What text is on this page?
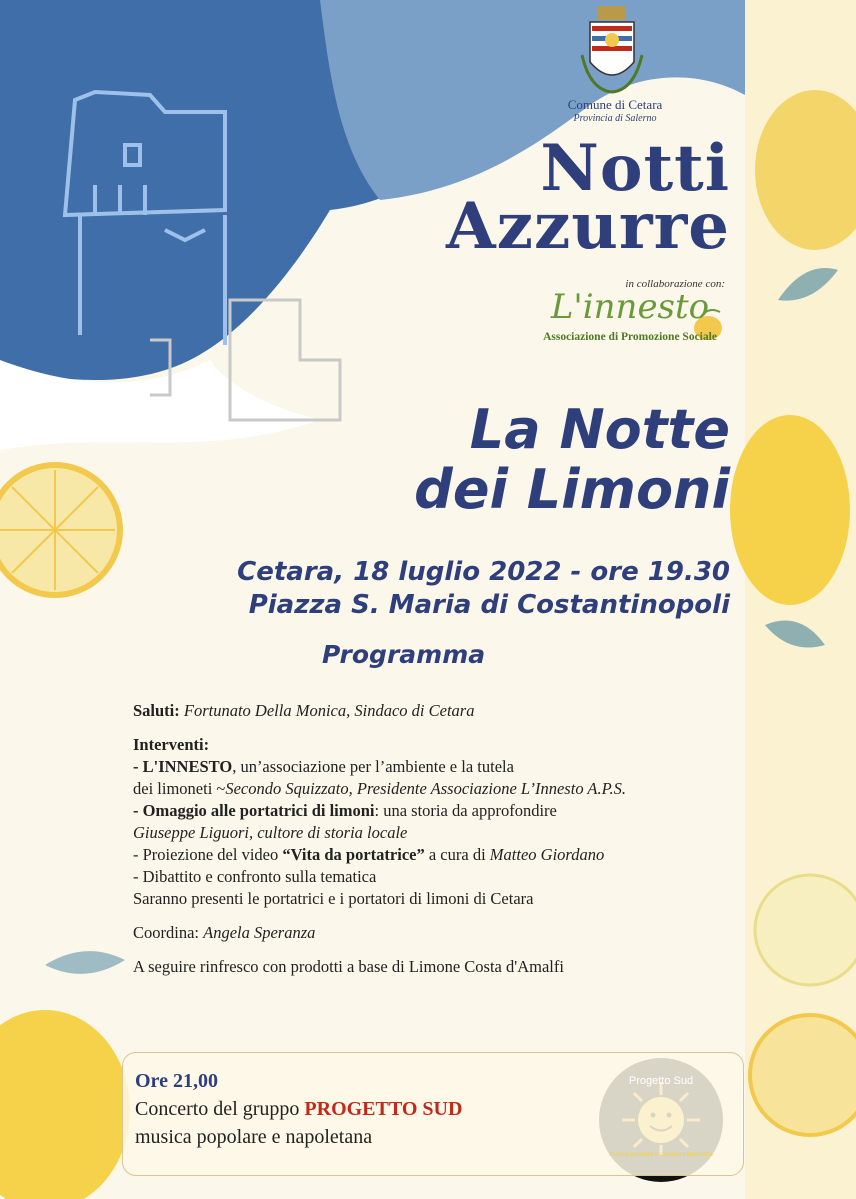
Comune di Cetara
Provincia di Salerno
Notti
Azzurre
in collaborazione con:
L'innesto
Associazione di Promozione Sociale
La Notte
dei Limoni
Cetara, 18 luglio 2022 - ore 19.30
Piazza S. Maria di Costantinopoli
Programma

Saluti: Fortunato Della Monica, Sindaco di Cetara

Interventi:

- L'INNESTO, un’associazione per l’ambiente e la tutela

dei limoneti ~Secondo Squizzato, Presidente Associazione L’Innesto A.P.S.

- Omaggio alle portatrici di limoni: una storia da approfondire

Giuseppe Liguori, cultore di storia locale

- Proiezione del video “Vita da portatrice” a cura di Matteo Giordano

- Dibattito e confronto sulla tematica

Saranno presenti le portatrici e i portatori di limoni di Cetara

Coordina: Angela Speranza

A seguire rinfresco con prodotti a base di Limone Costa d'Amalfi

Ore 21,00
Concerto del gruppo PROGETTO SUD
musica popolare e napoletana
Progetto Sud
musica popolare e classica napoletana
